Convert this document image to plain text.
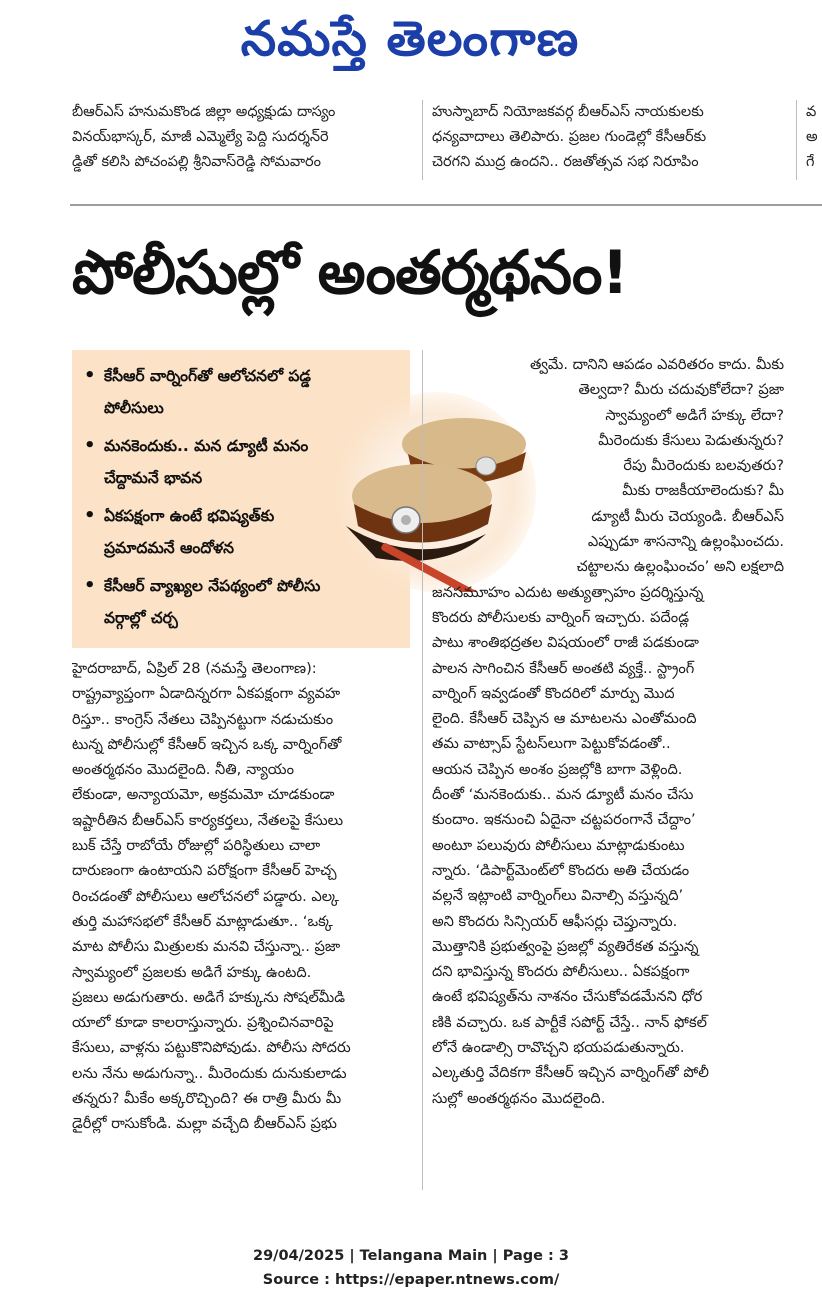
నమస్తే తెలంగాణ
బీఆర్‌ఎస్‌ హనుమకొండ జిల్లా అధ్యక్షుడు దాస్యం
వినయ్‌భాస్కర్‌, మాజీ ఎమ్మెల్యే పెద్ది సుదర్శన్‌రె
డ్డితో కలిసి పోచంపల్లి శ్రీనివాస్‌రెడ్డి సోమవారం
హుస్నాబాద్‌ నియోజకవర్గ బీఆర్‌ఎస్‌ నాయకులకు
ధన్యవాదాలు తెలిపారు. ప్రజల గుండెల్లో కేసీఆర్‌కు
చెరగని ముద్ర ఉందని.. రజతోత్సవ సభ నిరూపిం
వ
అ
గే
పోలీసుల్లో అంతర్మథనం!
• కేసీఆర్‌ వార్నింగ్‌తో ఆలోచనలో పడ్డ పోలీసులు
• మనకెందుకు.. మన డ్యూటీ మనం చేద్దామనే భావన
• ఏకపక్షంగా ఉంటే భవిష్యత్‌కు ప్రమాదమనే ఆందోళన
• కేసీఆర్‌ వ్యాఖ్యల నేపథ్యంలో పోలీసు వర్గాల్లో చర్చ
హైదరాబాద్‌, ఏప్రిల్‌ 28 (నమస్తే తెలంగాణ):
రాష్ట్రవ్యాప్తంగా ఏడాదిన్నరగా ఏకపక్షంగా వ్యవహ
రిస్తూ.. కాంగ్రెస్‌ నేతలు చెప్పినట్టుగా నడుచుకుం
టున్న పోలీసుల్లో కేసీఆర్‌ ఇచ్చిన ఒక్క వార్నింగ్‌తో
అంతర్మథనం మొదలైంది. నీతి, న్యాయం
లేకుండా, అన్యాయమో, అక్రమమో చూడకుండా
ఇష్టారీతిన బీఆర్‌ఎస్‌ కార్యకర్తలు, నేతలపై కేసులు
బుక్‌ చేస్తే రాబోయే రోజుల్లో పరిస్థితులు చాలా
దారుణంగా ఉంటాయని పరోక్షంగా కేసీఆర్‌ హెచ్చ
రించడంతో పోలీసులు ఆలోచనలో పడ్డారు. ఎల్క
తుర్తి మహాసభలో కేసీఆర్‌ మాట్లాడుతూ.. ‘ఒక్క
మాట పోలీసు మిత్రులకు మనవి చేస్తున్నా.. ప్రజా
స్వామ్యంలో ప్రజలకు అడిగే హక్కు ఉంటది.
ప్రజలు అడుగుతారు. అడిగే హక్కును సోషల్‌మీడి
యాలో కూడా కాలరాస్తున్నారు. ప్రశ్నించినవారిపై
కేసులు, వాళ్లను పట్టుకొనిపోవుడు. పోలీసు సోదరు
లను నేను అడుగున్నా.. మీరెందుకు దునుకులాడు
తన్నరు? మీకేం అక్కరొచ్చింది? ఈ రాత్రి మీరు మీ
డైరీల్లో రాసుకోండి. మల్లా వచ్చేది బీఆర్‌ఎస్‌ ప్రభు
త్వమే. దానిని ఆపడం ఎవరితరం కాదు. మీకు
తెల్వదా? మీరు చదువుకోలేదా? ప్రజా
స్వామ్యంలో అడిగే హక్కు లేదా?
మీరెందుకు కేసులు పెడుతున్నరు?
రేపు మీరెందుకు బలవుతరు?
మీకు రాజకీయాలెందుకు? మీ
డ్యూటీ మీరు చెయ్యండి. బీఆర్‌ఎస్‌
ఎప్పుడూ శాసనాన్ని ఉల్లంఘించదు.
చట్టాలను ఉల్లంఘించం’ అని లక్షలాది
జనసమూహం ఎదుట అత్యుత్సాహం ప్రదర్శిస్తున్న
కొందరు పోలీసులకు వార్నింగ్‌ ఇచ్చారు. పదేండ్ల
పాటు శాంతిభద్రతల విషయంలో రాజీ పడకుండా
పాలన సాగించిన కేసీఆర్‌ అంతటి వ్యక్తే.. స్ట్రాంగ్‌
వార్నింగ్‌ ఇవ్వడంతో కొందరిలో మార్పు మొద
లైంది. కేసీఆర్‌ చెప్పిన ఆ మాటలను ఎంతోమంది
తమ వాట్సాప్‌ స్టేటస్‌లుగా పెట్టుకోవడంతో..
ఆయన చెప్పిన అంశం ప్రజల్లోకి బాగా వెళ్లింది.
దీంతో ‘మనకెందుకు.. మన డ్యూటీ మనం చేసు
కుందాం. ఇకనుంచి ఏదైనా చట్టపరంగానే చేద్దాం’
అంటూ పలువురు పోలీసులు మాట్లాడుకుంటు
న్నారు. ‘డిపార్ట్‌మెంట్‌లో కొందరు అతి చేయడం
వల్లనే ఇట్లాంటి వార్నింగ్‌లు వినాల్సి వస్తున్నది’
అని కొందరు సిన్సియర్‌ ఆఫీసర్లు చెప్తున్నారు.
మొత్తానికి ప్రభుత్వంపై ప్రజల్లో వ్యతిరేకత వస్తున్న
దని భావిస్తున్న కొందరు పోలీసులు.. ఏకపక్షంగా
ఉంటే భవిష్యత్‌ను నాశనం చేసుకోవడమేనని ధోర
ణికి వచ్చారు. ఒక పార్టీకే సపోర్ట్‌ చేస్తే.. నాన్‌ ఫోకల్‌
లోనే ఉండాల్సి రావొచ్చని భయపడుతున్నారు.
ఎల్కతుర్తి వేదికగా కేసీఆర్‌ ఇచ్చిన వార్నింగ్‌తో పోలీ
సుల్లో అంతర్మథనం మొదలైంది.
29/04/2025 | Telangana Main | Page : 3
Source : https://epaper.ntnews.com/
